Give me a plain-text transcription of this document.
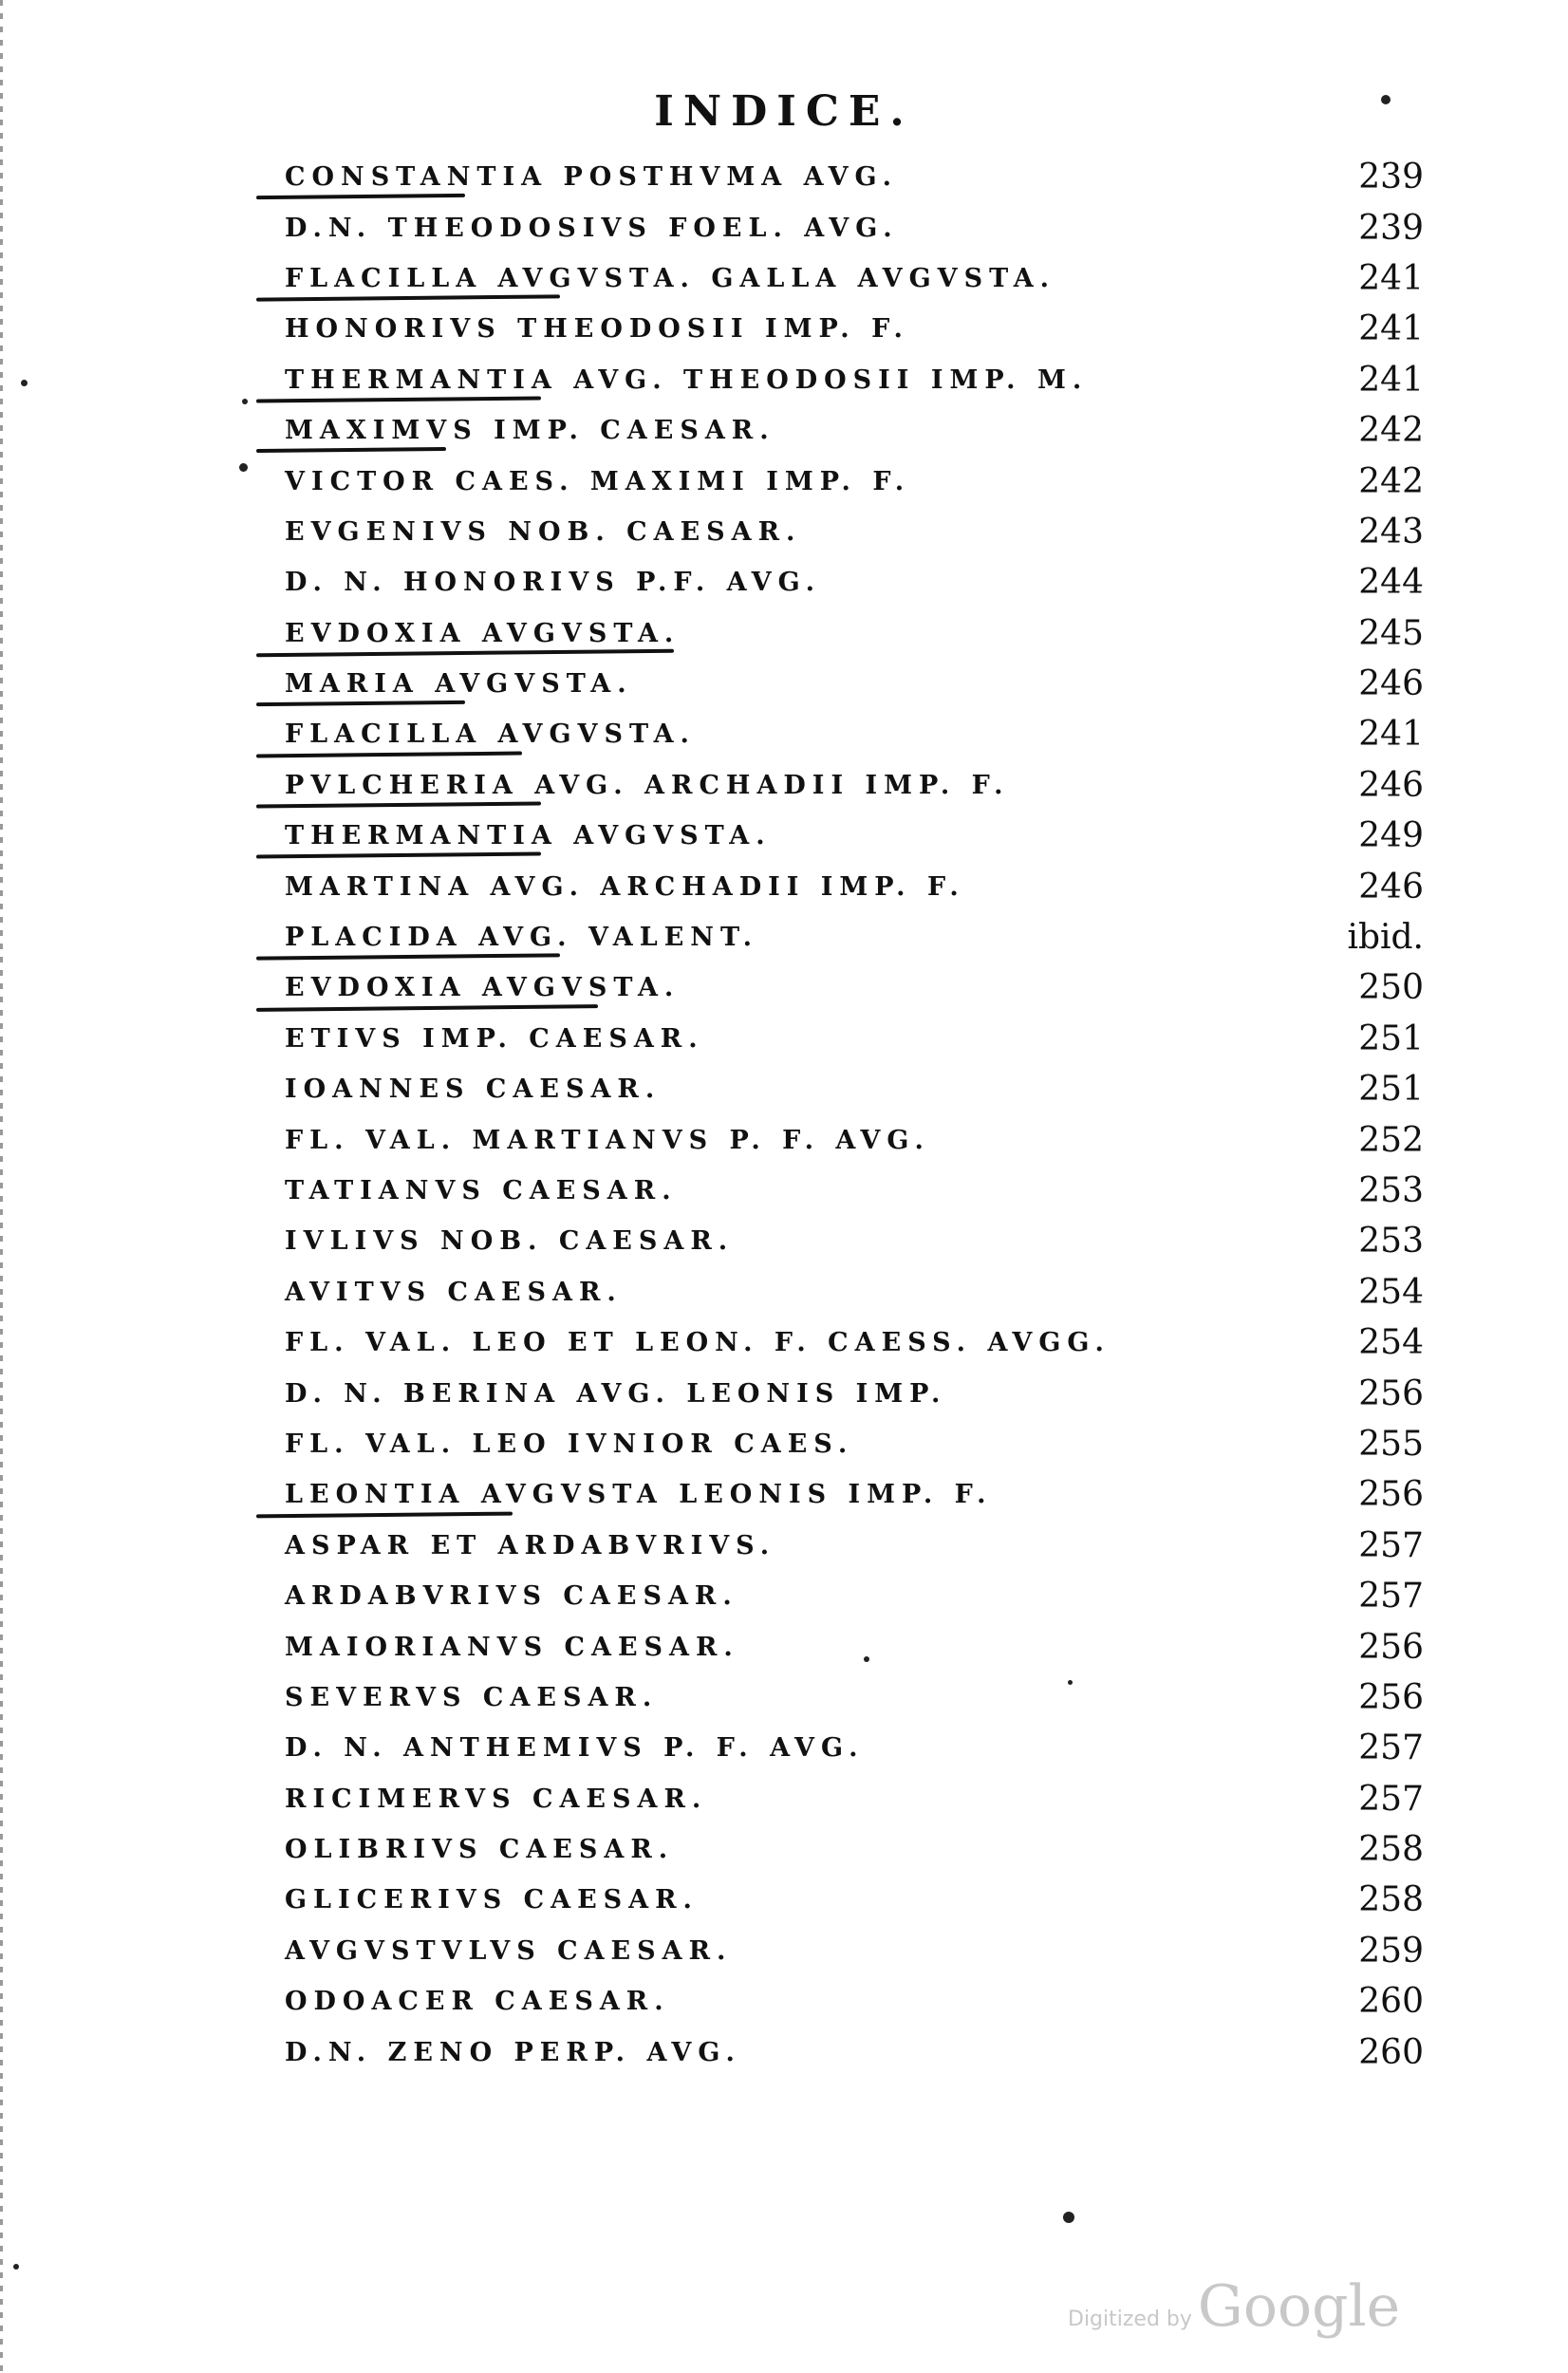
INDICE.
CONSTANTIA POSTHVMA AVG.	239
D.N. THEODOSIVS FOEL. AVG.	239
FLACILLA AVGVSTA. GALLA AVGVSTA.	241
HONORIVS THEODOSII IMP. F.	241
THERMANTIA AVG. THEODOSII IMP. M.	241
MAXIMVS IMP. CAESAR.	242
VICTOR CAES. MAXIMI IMP. F.	242
EVGENIVS NOB. CAESAR.	243
D. N. HONORIVS P.F. AVG.	244
EVDOXIA AVGVSTA.	245
MARIA AVGVSTA.	246
FLACILLA AVGVSTA.	241
PVLCHERIA AVG. ARCHADII IMP. F.	246
THERMANTIA AVGVSTA.	249
MARTINA AVG. ARCHADII IMP. F.	246
PLACIDA AVG. VALENT.	ibid.
EVDOXIA AVGVSTA.	250
ETIVS IMP. CAESAR.	251
IOANNES CAESAR.	251
FL. VAL. MARTIANVS P. F. AVG.	252
TATIANVS CAESAR.	253
IVLIVS NOB. CAESAR.	253
AVITVS CAESAR.	254
FL. VAL. LEO ET LEON. F. CAESS. AVGG.	254
D. N. BERINA AVG. LEONIS IMP.	256
FL. VAL. LEO IVNIOR CAES.	255
LEONTIA AVGVSTA LEONIS IMP. F.	256
ASPAR ET ARDABVRIVS.	257
ARDABVRIVS CAESAR.	257
MAIORIANVS CAESAR.	256
SEVERVS CAESAR.	256
D. N. ANTHEMIVS P. F. AVG.	257
RICIMERVS CAESAR.	257
OLIBRIVS CAESAR.	258
GLICERIVS CAESAR.	258
AVGVSTVLVS CAESAR.	259
ODOACER CAESAR.	260
D.N. ZENO PERP. AVG.	260
Digitized by Google
